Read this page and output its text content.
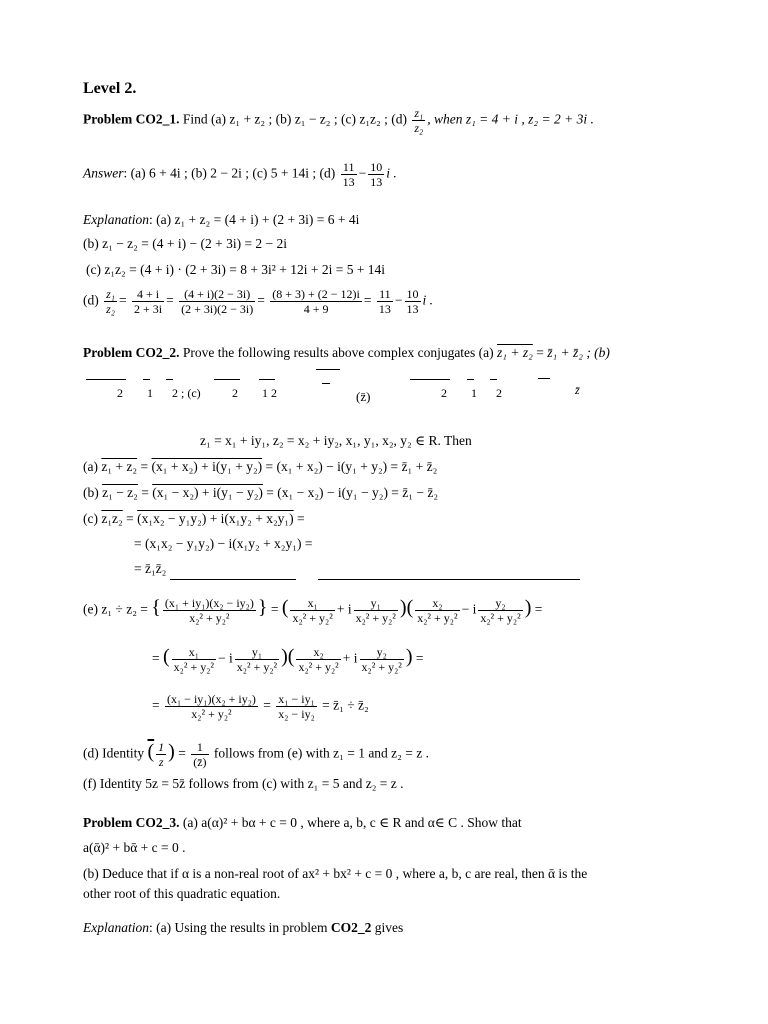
Level 2.
Problem CO2_1. Find (a) z₁ + z₂ ; (b) z₁ − z₂ ; (c) z₁z₂ ; $(d) \frac{\text{z₁}}{\text{z₂}}$ , when z₁ = 4 + i , z₂ = 2 + 3i .
Answer: (a) 6 + 4i ; (b) 2 − 2i ; (c) 5 + 14i ; $(d) \frac{11}{13} - \frac{10}{13}$ i .
Explanation: (a) z₁ + z₂ = (4 + i) + (2 + 3i) = 6 + 4i
(b) z₁ − z₂ = (4 + i) − (2 + 3i) = 2 − 2i
(c) z₁z₂ = (4 + i) · (2 + 3i) = 8 + 3i² + 12i + 2i = 5 + 14i
$(d) \frac{\text{z₁}}{\text{z₂}} = \frac{4 + i}{2 + 3i} = \frac{(4 + i)(2 - 3i)}{(2 + 3i)(2 - 3i)} = \frac{(8 + 3) + (2 - 12)i}{4 + 9} = \frac{11}{13} - \frac{10}{13}$ i .
Problem CO2_2. Prove the following results above complex conjugates (a) z₁ + z₂ = z̄₁ + z̄₂ ; (b)
2 1 2 ; (c)	2 1 2	(z̄)	2 1 2	z̄
z₁ = x₁ + iy₁, z₂ = x₂ + iy₂, x₁, y₁, x₂, y₂ ∈ R. Then
(a) z₁ + z₂ = (x₁ + x₂) + i(y₁ + y₂) = (x₁ + x₂) − i(y₁ + y₂) = z̄₁ + z̄₂
(b) z₁ − z₂ = (x₁ − x₂) + i(y₁ − y₂) = (x₁ − x₂) − i(y₁ − y₂) = z̄₁ − z̄₂
(c) z₁z₂ = (x₁x₂ − y₁y₂) + i(x₁y₂ + x₂y₁) =
= (x₁x₂ − y₁y₂) − i(x₁y₂ + x₂y₁) =
= z̄₁z̄₂
(e) z₁ ÷ z₂ = { $\frac{\text{(x₁ + iy₁)(x₂ − iy₂)}}{\text{x₂² + y₂²}}$ } = ( $\frac{\text{x₁}}{\text{x₂² + y₂²}} + i \frac{\text{y₁}}{\text{x₂² + y₂²}}$ )( $\frac{\text{x₂}}{\text{x₂² + y₂²}} - i \frac{\text{y₂}}{\text{x₂² + y₂²}}$ ) =
= ( $\frac{\text{x₁}}{\text{x₂² + y₂²}} - i \frac{\text{y₁}}{\text{x₂² + y₂²}}$ )( $\frac{\text{x₂}}{\text{x₂² + y₂²}} + i \frac{\text{y₂}}{\text{x₂² + y₂²}}$ ) =
= $\frac{\text{(x₁ − iy₁)(x₂ + iy₂)}}{\text{x₂² + y₂²}} = \frac{\text{x₁ − iy₁}}{\text{x₂ − iy₂}}$ = z̄₁ ÷ z̄₂
(d) Identity ( $\frac{1}{z}$ ) = $\frac{1}{(z̄)}$ follows from (e) with z₁ = 1 and z₂ = z .
(f) Identity 5z = 5z̄ follows from (c) with z₁ = 5 and z₂ = z .
Problem CO2_3. (a) a(α)² + bα + c = 0 , where a, b, c ∈ R and α∈ C . Show that
a(ᾱ)² + bᾱ + c = 0 .
(b) Deduce that if α is a non-real root of ax² + bx² + c = 0 , where a, b, c are real, then ᾱ is the
other root of this quadratic equation.
Explanation: (a) Using the results in problem CO2_2 gives
